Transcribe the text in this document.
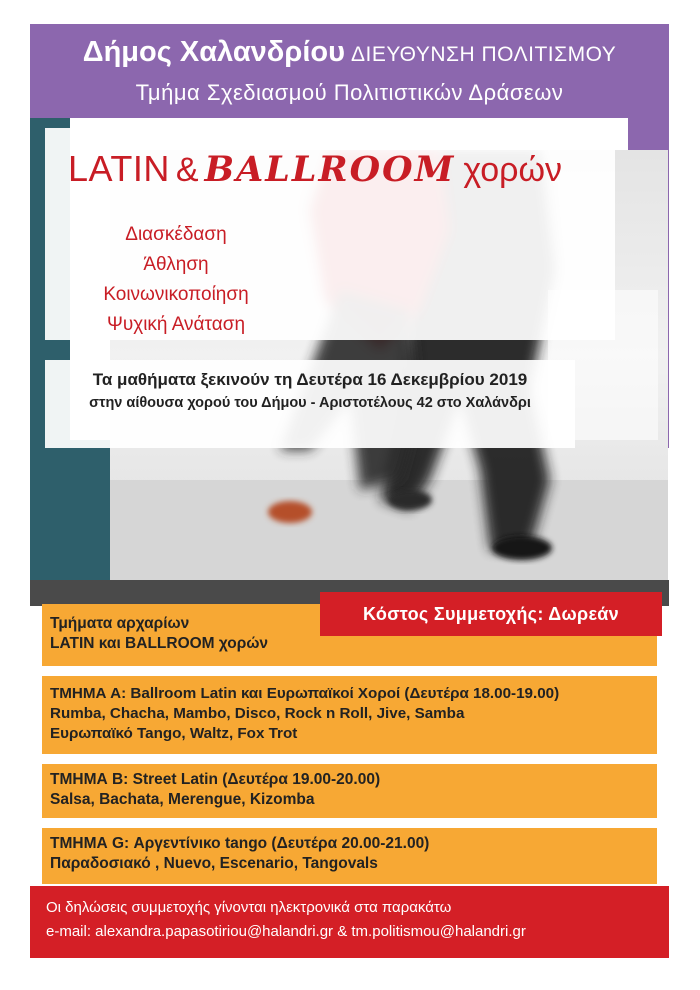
Δήμος Χαλανδρίου ΔΙΕΥΘΥΝΣΗ ΠΟΛΙΤΙΣΜΟΥ
Τμήμα Σχεδιασμού Πολιτιστικών Δράσεων
LATIN & BALLROOM χορών
Διασκέδαση
Άθληση
Κοινωνικοποίηση
Ψυχική Ανάταση
Τα μαθήματα ξεκινούν τη Δευτέρα 16 Δεκεμβρίου 2019
στην αίθουσα χορού του Δήμου - Αριστοτέλους 42 στο Χαλάνδρι
Τμήματα αρχαρίων
LATIN και BALLROOM χορών
Κόστος Συμμετοχής: Δωρεάν
ΤΜΗΜΑ Α: Ballroom Latin και Ευρωπαϊκοί Χοροί (Δευτέρα 18.00-19.00)
Rumba, Chacha, Mambo, Disco, Rock n Roll, Jive, Samba
Ευρωπαϊκό Tango, Waltz, Fox Trot
ΤΜΗΜΑ Β: Street Latin (Δευτέρα 19.00-20.00)
Salsa, Bachata, Merengue, Kizomba
ΤΜΗΜΑ G: Αργεντίνικο tango (Δευτέρα 20.00-21.00)
Παραδοσιακό , Nuevo, Escenario, Tangovals
Οι δηλώσεις συμμετοχής γίνονται ηλεκτρονικά στα παρακάτω
e-mail: alexandra.papasotiriou@halandri.gr & tm.politismou@halandri.gr
